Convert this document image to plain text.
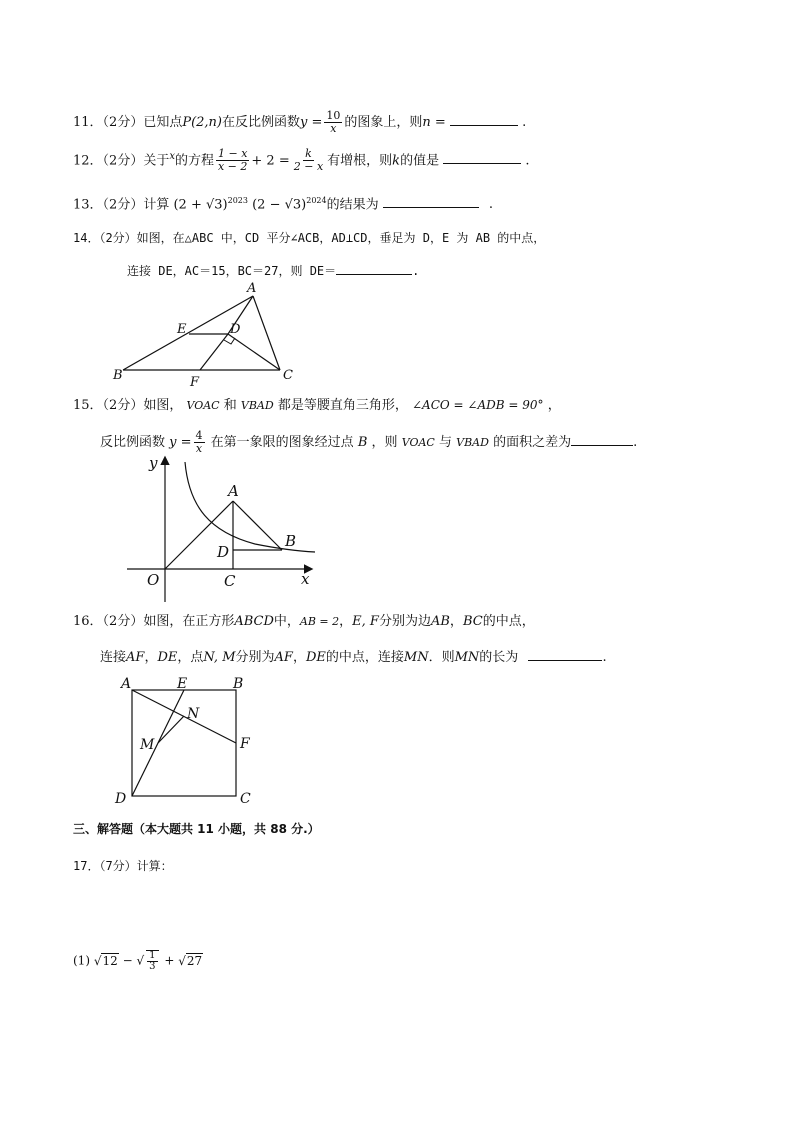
11．（2分）已知点P(2,n)在反比例函数$y = \frac{10}{x}$ 的图象上，则n =	.
12．（2分）关于$^x$的方程 $\frac{1 - x}{x - 2} + 2 = \frac{k}{2 - x}$ 有增根，则k的值是	.
13．（2分）计算 $(2 + √3)^{2023}$ $(2 - √3)^{2024}$的结果为	.
14．（2分）如图，在△ABC 中，CD 平分∠ACB，AD⊥CD，垂足为 D，E 为 AB 的中点，
连接 DE，AC＝15，BC＝27，则 DE＝	.
A
B	C
D
E
F
15．（2分）如图， VOAC 和 VBAD 都是等腰直角三角形， ∠ACO = ∠ADB = 90° ，
反比例函数 $y = \frac{4}{x}$ 在第一象限的图象经过点 B ，则 VOAC 与 VBAD 的面积之差为	.
y
x
O
A
B
C
D
16．（2分）如图，在正方形ABCD中，AB = 2，E, F分别为边AB，BC的中点，
连接AF，DE，点N, M分别为AF，DE的中点，连接MN．则MN的长为	.
A	E	B
N
M	F
D	C
三、解答题（本大题共 11 小题，共 88 分.）
17．（7分）计算：
(1) √12 − √ $\frac{1}{3} + √27$
